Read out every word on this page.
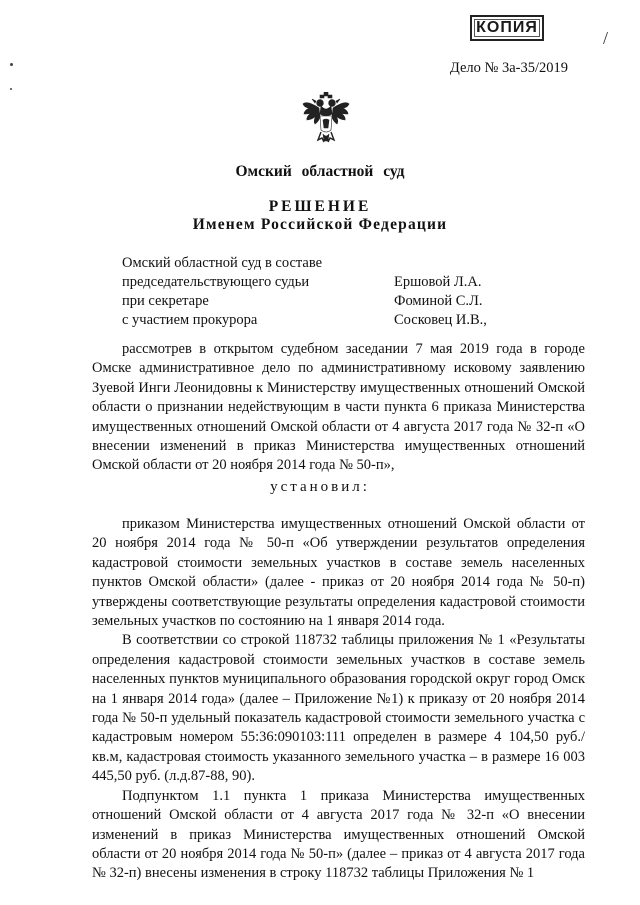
КОПИЯ
/
Дело № 3а-35/2019
Омский областной суд
РЕШЕНИЕ
Именем Российской Федерации
Омский областной суд в составе
председательствующего судьи	Ершовой Л.А.
при секретаре	Фоминой С.Л.
с участием прокурора	Сосковец И.В.,

рассмотрев в открытом судебном заседании 7 мая 2019 года в городе Омске административное дело по административному исковому заявлению Зуевой Инги Леонидовны к Министерству имущественных отношений Омской области о признании недействующим в части пункта 6 приказа Министерства имущественных отношений Омской области от 4 августа 2017 года № 32-п «О внесении изменений в приказ Министерства имущественных отношений Омской области от 20 ноября 2014 года № 50-п»,

установил:

приказом Министерства имущественных отношений Омской области от 20 ноября 2014 года № 50-п «Об утверждении результатов определения кадастровой стоимости земельных участков в составе земель населенных пунктов Омской области» (далее - приказ от 20 ноября 2014 года № 50-п) утверждены соответствующие результаты определения кадастровой стоимости земельных участков по состоянию на 1 января 2014 года.

В соответствии со строкой 118732 таблицы приложения № 1 «Результаты определения кадастровой стоимости земельных участков в составе земель населенных пунктов муниципального образования городской округ город Омск на 1 января 2014 года» (далее – Приложение №1) к приказу от 20 ноября 2014 года № 50-п удельный показатель кадастровой стоимости земельного участка с кадастровым номером 55:36:090103:111 определен в размере 4 104,50 руб./кв.м, кадастровая стоимость указанного земельного участка – в размере 16 003 445,50 руб. (л.д.87-88, 90).

Подпунктом 1.1 пункта 1 приказа Министерства имущественных отношений Омской области от 4 августа 2017 года № 32-п «О внесении изменений в приказ Министерства имущественных отношений Омской области от 20 ноября 2014 года № 50-п» (далее – приказ от 4 августа 2017 года № 32-п) внесены изменения в строку 118732 таблицы Приложения № 1
